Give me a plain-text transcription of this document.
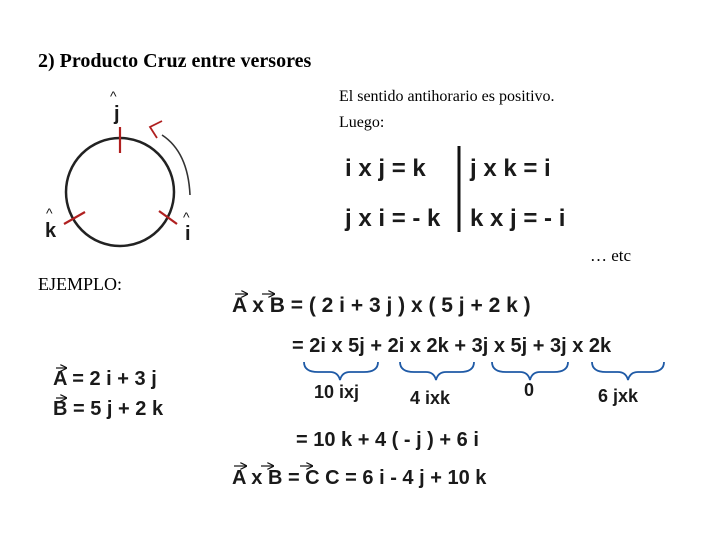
2) Producto Cruz entre versores
El sentido antihorario es positivo.
Luego:
… etc
EJEMPLO:
j
^
k
^
i
^
i x j = k j x k = i
j x i = - k k x j = - i
A = 2 i + 3 j
B = 5 j + 2 k
A x B = ( 2 i + 3 j ) x ( 5 j + 2 k )
= 2i x 5j + 2i x 2k + 3j x 5j + 3j x 2k
10 ixj	4 ixk	0	6 jxk
= 10 k + 4 ( - j ) + 6 i
A x B = C C = 6 i - 4 j + 10 k
